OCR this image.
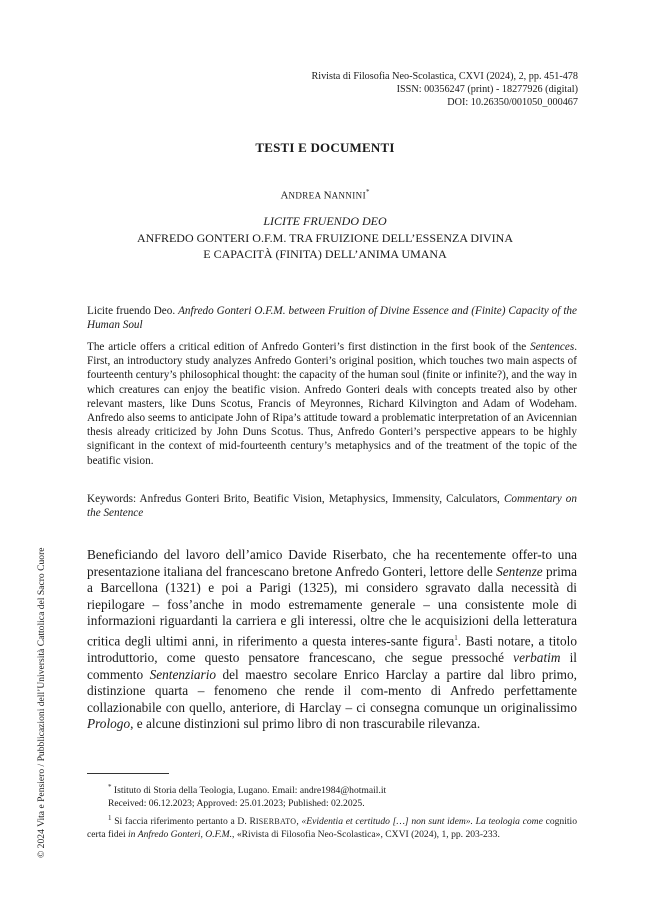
Rivista di Filosofia Neo-Scolastica, CXVI (2024), 2, pp. 451-478
ISSN: 00356247 (print) - 18277926 (digital)
DOI: 10.26350/001050_000467
TESTI E DOCUMENTI
ANDREA NANNINI*
LICITE FRUENDO DEO
ANFREDO GONTERI O.F.M. TRA FRUIZIONE DELL’ESSENZA DIVINA
E CAPACITÀ (FINITA) DELL’ANIMA UMANA
Licite fruendo Deo. Anfredo Gonteri O.F.M. between Fruition of Divine Essence and (Finite) Capacity of the Human Soul
The article offers a critical edition of Anfredo Gonteri’s first distinction in the first book of the Sentences. First, an introductory study analyzes Anfredo Gonteri’s original position, which touches two main aspects of fourteenth century’s philosophical thought: the capacity of the human soul (finite or infinite?), and the way in which creatures can enjoy the beatific vision. Anfredo Gonteri deals with concepts treated also by other relevant masters, like Duns Scotus, Francis of Meyronnes, Richard Kilvington and Adam of Wodeham. Anfredo also seems to anticipate John of Ripa’s attitude toward a problematic interpretation of an Avicennian thesis already criticized by John Duns Scotus. Thus, Anfredo Gonteri’s perspective appears to be highly significant in the context of mid-fourteenth century’s metaphysics and of the treatment of the topic of the beatific vision.
Keywords: Anfredus Gonteri Brito, Beatific Vision, Metaphysics, Immensity, Calculators, Commentary on the Sentence
Beneficiando del lavoro dell’amico Davide Riserbato, che ha recentemente offer-to una presentazione italiana del francescano bretone Anfredo Gonteri, lettore delle Sentenze prima a Barcellona (1321) e poi a Parigi (1325), mi considero sgravato dalla necessità di riepilogare – foss’anche in modo estremamente generale – una consistente mole di informazioni riguardanti la carriera e gli interessi, oltre che le acquisizioni della letteratura critica degli ultimi anni, in riferimento a questa interes-sante figura$^1$. Basti notare, a titolo introduttorio, come questo pensatore francescano, che segue pressoché verbatim il commento Sentenziario del maestro secolare Enrico Harclay a partire dal libro primo, distinzione quarta – fenomeno che rende il com-mento di Anfredo perfettamente collazionabile con quello, anteriore, di Harclay – ci consegna comunque un originalissimo Prologo, e alcune distinzioni sul primo libro di non trascurabile rilevanza.
* Istituto di Storia della Teologia, Lugano. Email: andre1984@hotmail.it
Received: 06.12.2023; Approved: 25.01.2023; Published: 02.2025.
$^1$ Si faccia riferimento pertanto a D. RISERBATO, «Evidentia et certitudo […] non sunt idem». La teologia come cognitio certa fidei in Anfredo Gonteri, O.F.M., «Rivista di Filosofia Neo-Scolastica», CXVI (2024), 1, pp. 203-233.
© 2024 Vita e Pensiero / Pubblicazioni dell’Università Cattolica del Sacro Cuore
